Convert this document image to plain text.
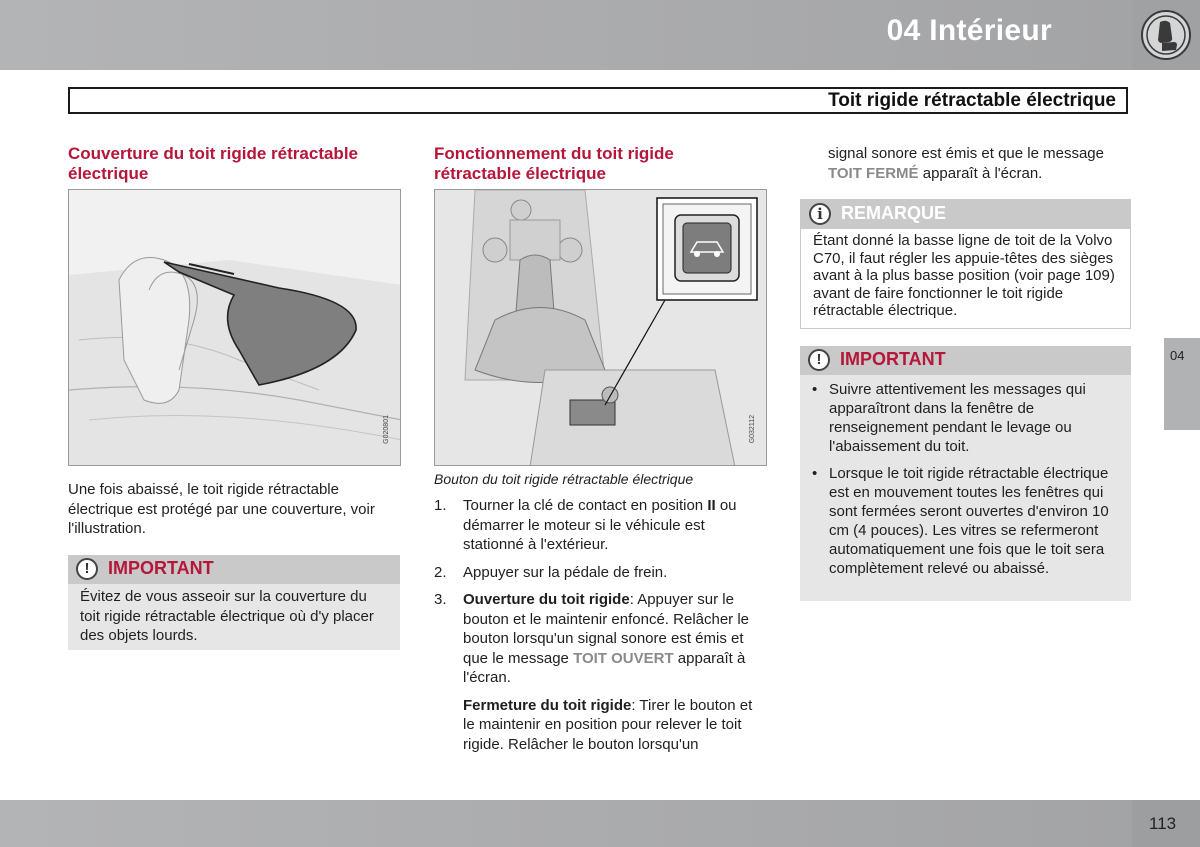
04 Intérieur
Toit rigide rétractable électrique
Couverture du toit rigide rétractable électrique
G020801
Une fois abaissé, le toit rigide rétractable électrique est protégé par une couverture, voir l'illustration.
!	IMPORTANT
Évitez de vous asseoir sur la couverture du toit rigide rétractable électrique où d'y placer des objets lourds.
Fonctionnement du toit rigide rétractable électrique
G032112
Bouton du toit rigide rétractable électrique
1. Tourner la clé de contact en position II ou démarrer le moteur si le véhicule est stationné à l'extérieur.
2. Appuyer sur la pédale de frein.
3. Ouverture du toit rigide: Appuyer sur le bouton et le maintenir enfoncé. Relâcher le bouton lorsqu'un signal sonore est émis et que le message TOIT OUVERT apparaît à l'écran.
Fermeture du toit rigide: Tirer le bouton et le maintenir en position pour relever le toit rigide. Relâcher le bouton lorsqu'un
signal sonore est émis et que le message TOIT FERMÉ apparaît à l'écran.
i	REMARQUE
Étant donné la basse ligne de toit de la Volvo C70, il faut régler les appuie-têtes des sièges avant à la plus basse position (voir page 109) avant de faire fonctionner le toit rigide rétractable électrique.
!	IMPORTANT
• Suivre attentivement les messages qui apparaîtront dans la fenêtre de renseignement pendant le levage ou l'abaissement du toit.
• Lorsque le toit rigide rétractable électrique est en mouvement toutes les fenêtres qui sont fermées seront ouvertes d'environ 10 cm (4 pouces). Les vitres se refermeront automatiquement une fois que le toit sera complètement relevé ou abaissé.
04
113
